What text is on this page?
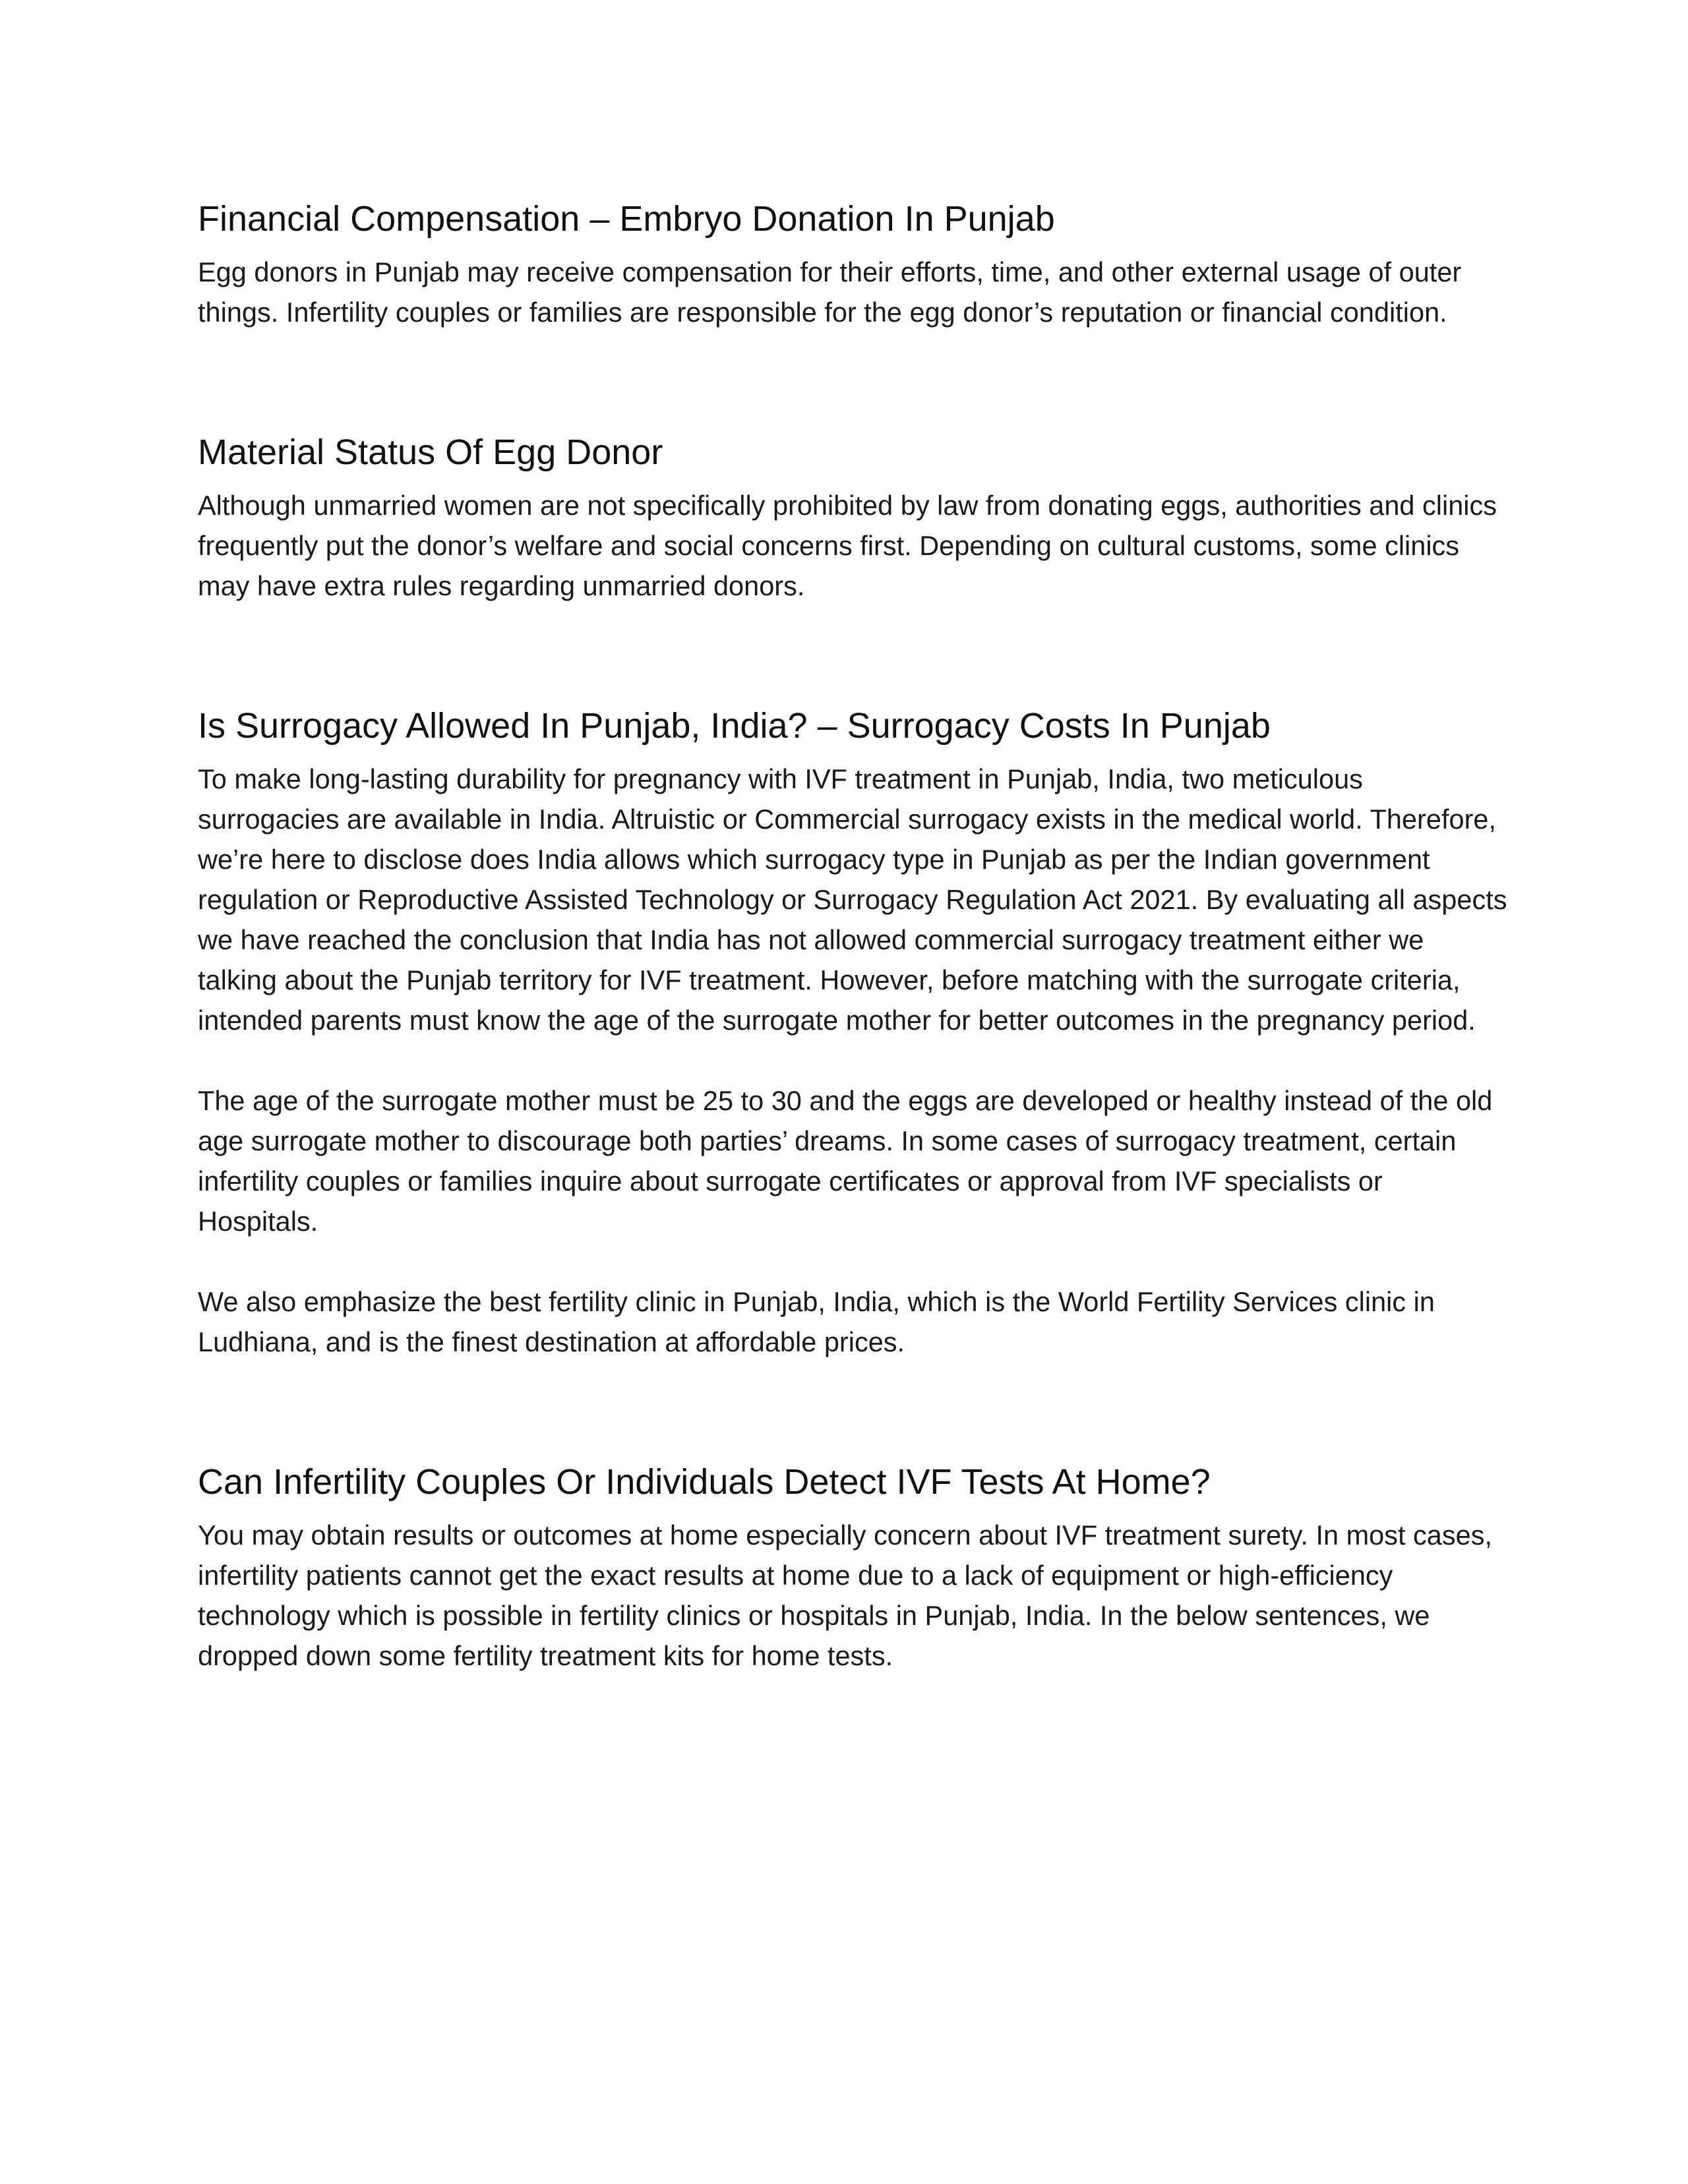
Financial Compensation – Embryo Donation In Punjab

Egg donors in Punjab may receive compensation for their efforts, time, and other external usage of outer things. Infertility couples or families are responsible for the egg donor’s reputation or financial condition.

Material Status Of Egg Donor

Although unmarried women are not specifically prohibited by law from donating eggs, authorities and clinics frequently put the donor’s welfare and social concerns first. Depending on cultural customs, some clinics may have extra rules regarding unmarried donors.

Is Surrogacy Allowed In Punjab, India? – Surrogacy Costs In Punjab

To make long-lasting durability for pregnancy with IVF treatment in Punjab, India, two meticulous surrogacies are available in India. Altruistic or Commercial surrogacy exists in the medical world. Therefore, we’re here to disclose does India allows which surrogacy type in Punjab as per the Indian government regulation or Reproductive Assisted Technology or Surrogacy Regulation Act 2021. By evaluating all aspects we have reached the conclusion that India has not allowed commercial surrogacy treatment either we talking about the Punjab territory for IVF treatment. However, before matching with the surrogate criteria, intended parents must know the age of the surrogate mother for better outcomes in the pregnancy period.

The age of the surrogate mother must be 25 to 30 and the eggs are developed or healthy instead of the old age surrogate mother to discourage both parties’ dreams. In some cases of surrogacy treatment, certain infertility couples or families inquire about surrogate certificates or approval from IVF specialists or Hospitals.

We also emphasize the best fertility clinic in Punjab, India, which is the World Fertility Services clinic in Ludhiana, and is the finest destination at affordable prices.

Can Infertility Couples Or Individuals Detect IVF Tests At Home?

You may obtain results or outcomes at home especially concern about IVF treatment surety. In most cases, infertility patients cannot get the exact results at home due to a lack of equipment or high-efficiency technology which is possible in fertility clinics or hospitals in Punjab, India. In the below sentences, we dropped down some fertility treatment kits for home tests.
